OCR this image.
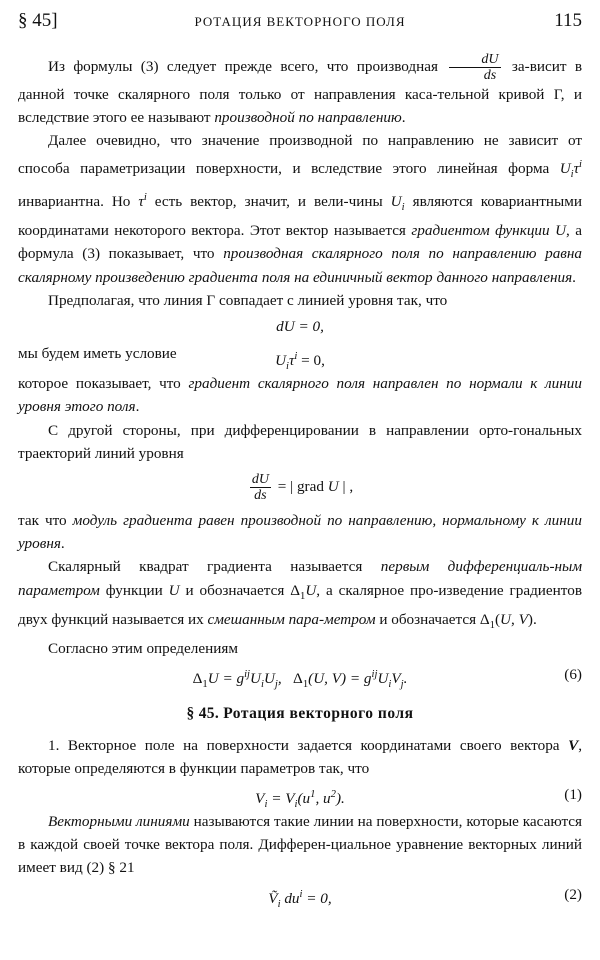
§ 45]	РОТАЦИЯ ВЕКТОРНОГО ПОЛЯ	115

Из формулы (3) следует прежде всего, что производная $\frac{dU}{ds}$ за-висит в данной точке скалярного поля только от направления каса-тельной кривой Г, и вследствие этого ее называют производной по направлению.

Далее очевидно, что значение производной по направлению не зависит от способа параметризации поверхности, и вследствие этого линейная форма $U_i\tau^i$ инвариантна. Но $\tau^i$ есть вектор, значит, и вели-чины $U_i$ являются ковариантными координатами некоторого вектора. Этот вектор называется градиентом функции U, а формула (3) показывает, что производная скалярного поля по направлению равна скалярному произведению градиента поля на единичный вектор данного направления.

Предполагая, что линия Г совпадает с линией уровня так, что

dU = 0,

мы будем иметь условие	$U_i\tau^i = 0$,

которое показывает, что градиент скалярного поля направлен по нормали к линии уровня этого поля.

С другой стороны, при дифференцировании в направлении орто-гональных траекторий линий уровня

$\frac{dU}{ds}$ = | grad U | ,

так что модуль градиента равен производной по направлению, нормальному к линии уровня.

Скалярный квадрат градиента называется первым дифференциаль-ным параметром функции U и обозначается $\Delta_1U$, а скалярное про-изведение градиентов двух функций называется их смешанным пара-метром и обозначается $\Delta_1(U$, V).

Согласно этим определениям

$\Delta_1U = g^{ij}U_iU_j$,   $\Delta_1(U$, $V) = g^{ij}U_iV_j$.	(6)
§ 45. Ротация векторного поля

1. Векторное поле на поверхности задается координатами своего вектора V, которые определяются в функции параметров так, что

$V_i = V_i(u^1$, $u^2$).	(1)

Векторными линиями называются такие линии на поверхности, которые касаются в каждой своей точке вектора поля. Дифферен-циальное уравнение векторных линий имеет вид (2) § 21

Ṽ$_i$ $du^i = 0$,	(2)
